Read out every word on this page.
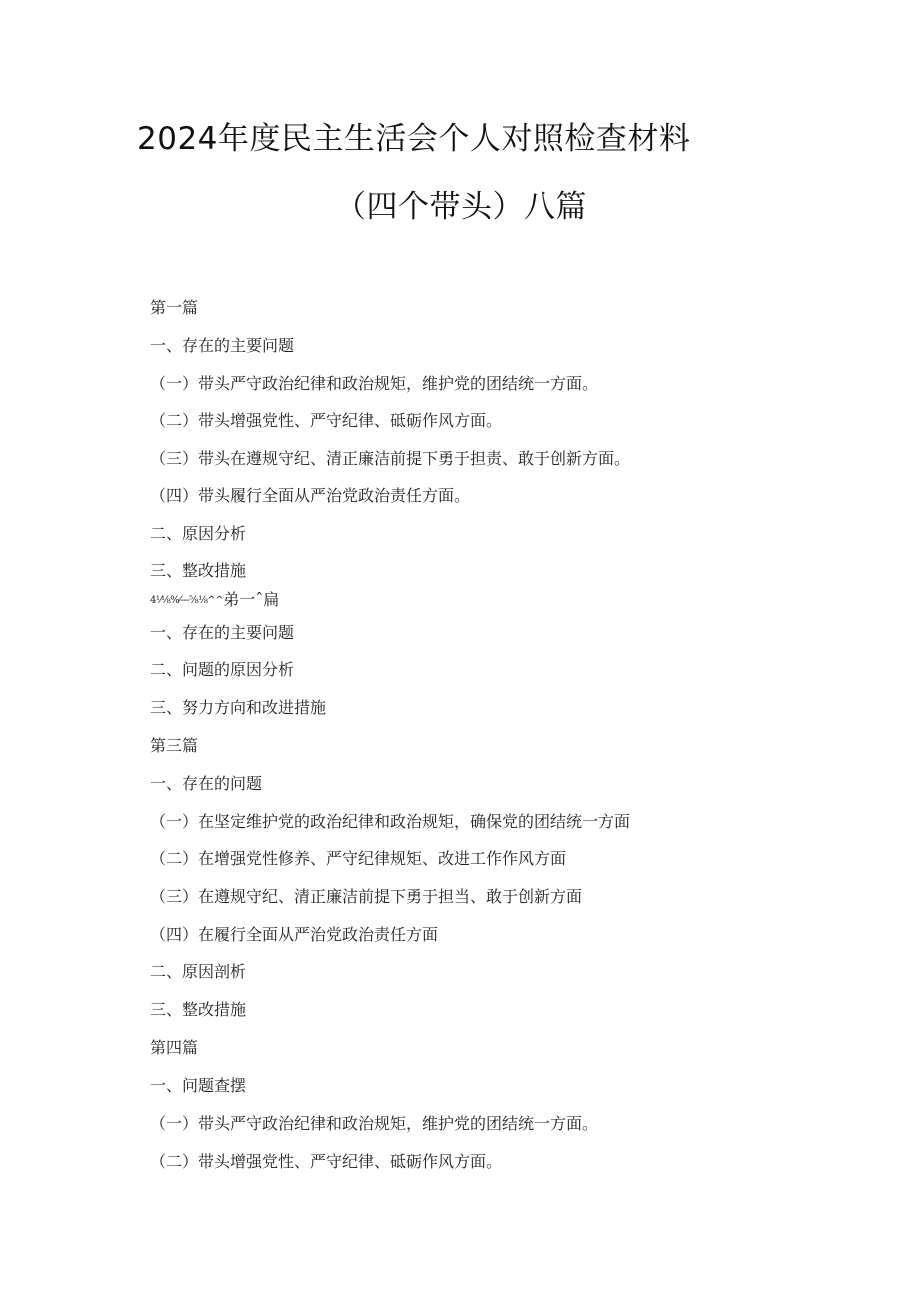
2024年度民主生活会个人对照检查材料
（四个带头）八篇
第一篇
一、存在的主要问题
（一）带头严守政治纪律和政治规矩，维护党的团结统一方面。
（二）带头增强党性、严守纪律、砥砺作风方面。
（三）带头在遵规守纪、清正廉洁前提下勇于担责、敢于创新方面。
（四）带头履行全面从严治党政治责任方面。
二、原因分析
三、整改措施
4⅟⅛%⁄---⅝⅛^^弟一ˆ扁
一、存在的主要问题
二、问题的原因分析
三、努力方向和改进措施
第三篇
一、存在的问题
（一）在坚定维护党的政治纪律和政治规矩，确保党的团结统一方面
（二）在增强党性修养、严守纪律规矩、改进工作作风方面
（三）在遵规守纪、清正廉洁前提下勇于担当、敢于创新方面
（四）在履行全面从严治党政治责任方面
二、原因剖析
三、整改措施
第四篇
一、问题查摆
（一）带头严守政治纪律和政治规矩，维护党的团结统一方面。
（二）带头增强党性、严守纪律、砥砺作风方面。
